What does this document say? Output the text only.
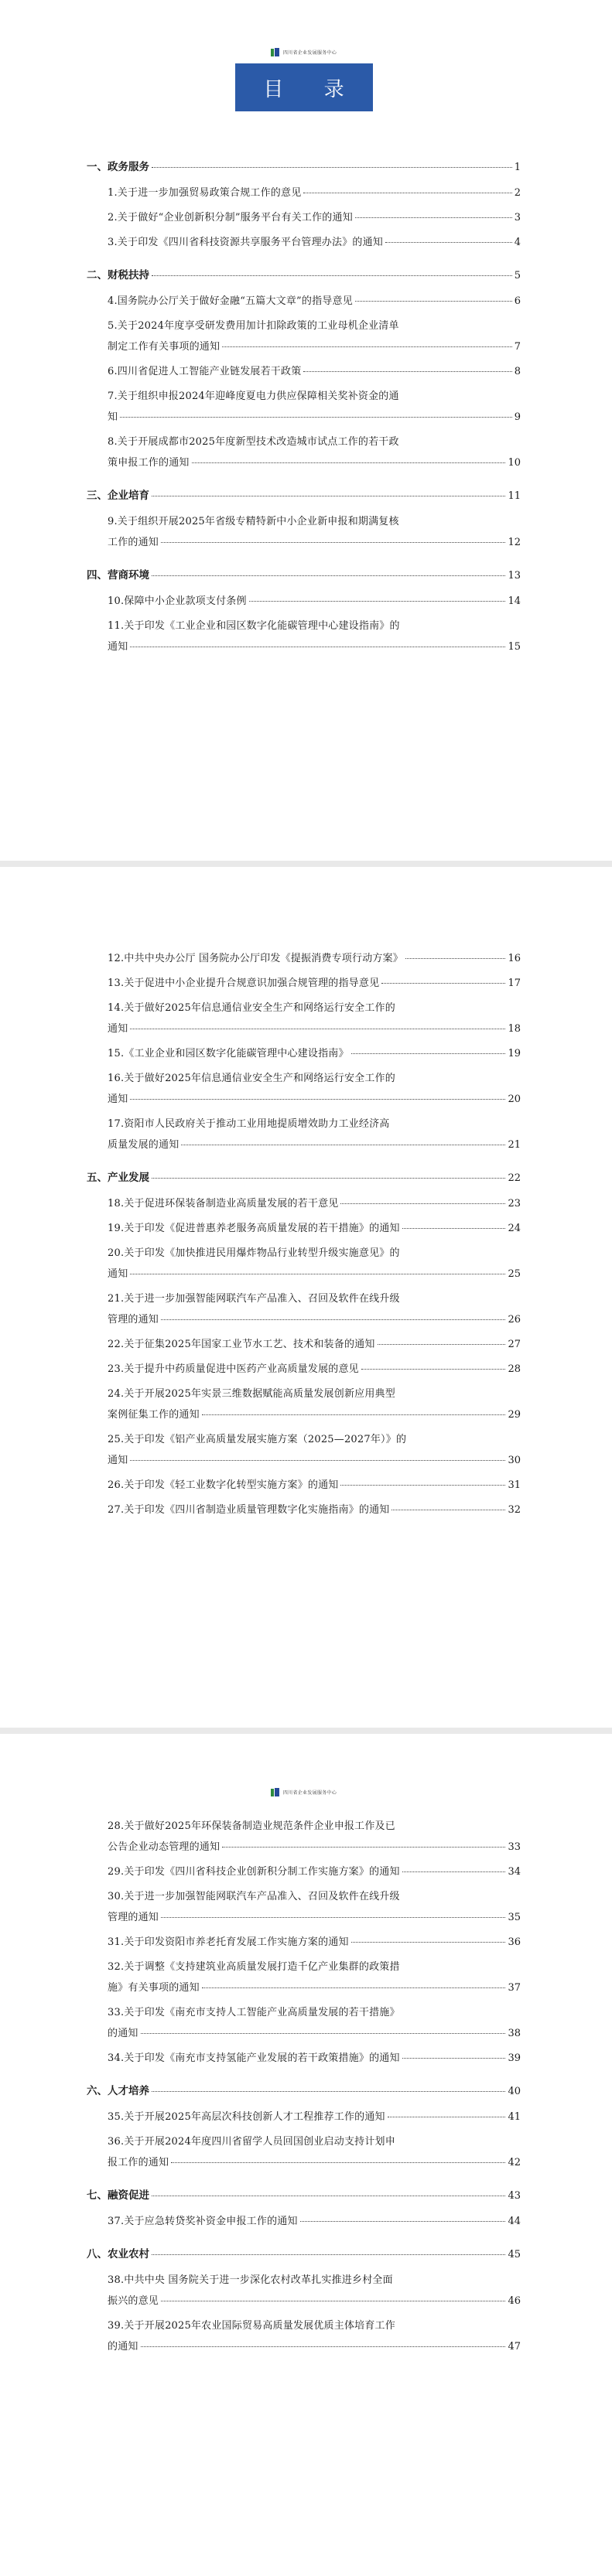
四川省企业发展服务中心
目 录
一、政务服务	1
1.关于进一步加强贸易政策合规工作的意见	2
2.关于做好“企业创新积分制”服务平台有关工作的通知	3
3.关于印发《四川省科技资源共享服务平台管理办法》的通知	4
二、财税扶持	5
4.国务院办公厅关于做好金融“五篇大文章”的指导意见	6
5.关于2024年度享受研发费用加计扣除政策的工业母机企业清单
制定工作有关事项的通知	7
6.四川省促进人工智能产业链发展若干政策	8
7.关于组织申报2024年迎峰度夏电力供应保障相关奖补资金的通
知	9
8.关于开展成都市2025年度新型技术改造城市试点工作的若干政
策申报工作的通知	10
三、企业培育	11
9.关于组织开展2025年省级专精特新中小企业新申报和期满复核
工作的通知	12
四、营商环境	13
10.保障中小企业款项支付条例	14
11.关于印发《工业企业和园区数字化能碳管理中心建设指南》的
通知	15
12.中共中央办公厅 国务院办公厅印发《提振消费专项行动方案》	16
13.关于促进中小企业提升合规意识加强合规管理的指导意见	17
14.关于做好2025年信息通信业安全生产和网络运行安全工作的
通知	18
15.《工业企业和园区数字化能碳管理中心建设指南》	19
16.关于做好2025年信息通信业安全生产和网络运行安全工作的
通知	20
17.资阳市人民政府关于推动工业用地提质增效助力工业经济高
质量发展的通知	21
五、产业发展	22
18.关于促进环保装备制造业高质量发展的若干意见	23
19.关于印发《促进普惠养老服务高质量发展的若干措施》的通知	24
20.关于印发《加快推进民用爆炸物品行业转型升级实施意见》的
通知	25
21.关于进一步加强智能网联汽车产品准入、召回及软件在线升级
管理的通知	26
22.关于征集2025年国家工业节水工艺、技术和装备的通知	27
23.关于提升中药质量促进中医药产业高质量发展的意见	28
24.关于开展2025年实景三维数据赋能高质量发展创新应用典型
案例征集工作的通知	29
25.关于印发《铝产业高质量发展实施方案（2025—2027年）》的
通知	30
26.关于印发《轻工业数字化转型实施方案》的通知	31
27.关于印发《四川省制造业质量管理数字化实施指南》的通知	32
四川省企业发展服务中心
28.关于做好2025年环保装备制造业规范条件企业申报工作及已
公告企业动态管理的通知	33
29.关于印发《四川省科技企业创新积分制工作实施方案》的通知	34
30.关于进一步加强智能网联汽车产品准入、召回及软件在线升级
管理的通知	35
31.关于印发资阳市养老托育发展工作实施方案的通知	36
32.关于调整《支持建筑业高质量发展打造千亿产业集群的政策措
施》有关事项的通知	37
33.关于印发《南充市支持人工智能产业高质量发展的若干措施》
的通知	38
34.关于印发《南充市支持氢能产业发展的若干政策措施》的通知	39
六、人才培养	40
35.关于开展2025年高层次科技创新人才工程推荐工作的通知	41
36.关于开展2024年度四川省留学人员回国创业启动支持计划申
报工作的通知	42
七、融资促进	43
37.关于应急转贷奖补资金申报工作的通知	44
八、农业农村	45
38.中共中央 国务院关于进一步深化农村改革扎实推进乡村全面
振兴的意见	46
39.关于开展2025年农业国际贸易高质量发展优质主体培育工作
的通知	47
